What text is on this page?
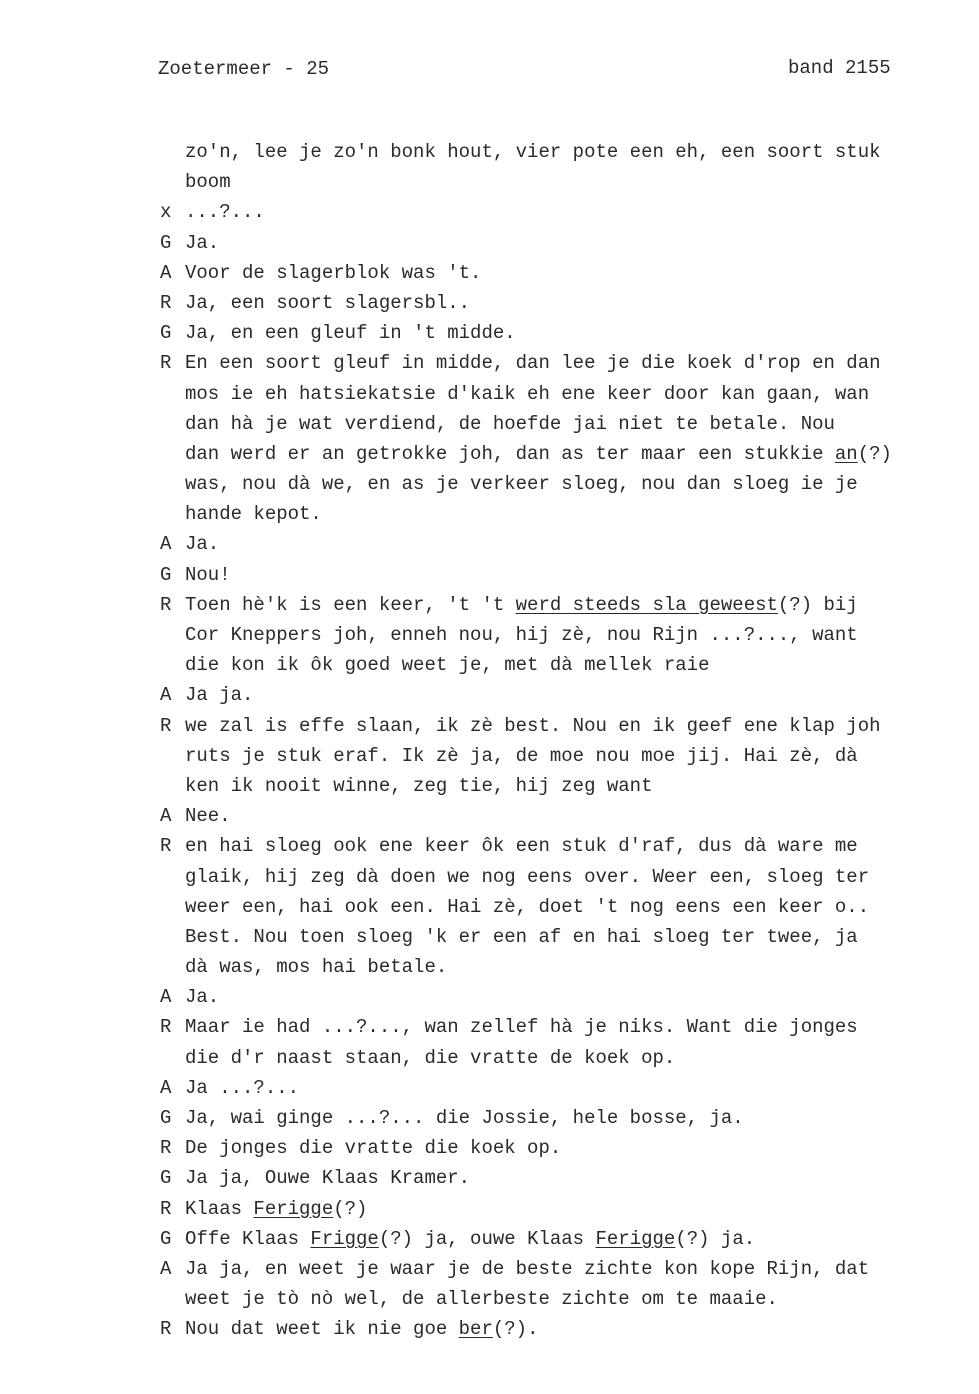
Zoetermeer - 25	band 2155
zo'n, lee je zo'n bonk hout, vier pote een eh, een soort stuk
boom
x ...?...
G Ja.
A Voor de slagerblok was 't.
R Ja, een soort slagersbl..
G Ja, en een gleuf in 't midde.
R En een soort gleuf in midde, dan lee je die koek d'rop en dan
mos ie eh hatsiekatsie d'kaik eh ene keer door kan gaan, wan
dan hà je wat verdiend, de hoefde jai niet te betale. Nou
dan werd er an getrokke joh, dan as ter maar een stukkie an(?)
was, nou dà we, en as je verkeer sloeg, nou dan sloeg ie je
hande kepot.
A Ja.
G Nou!
R Toen hè'k is een keer, 't 't werd steeds sla geweest(?) bij
Cor Kneppers joh, enneh nou, hij zè, nou Rijn ...?..., want
die kon ik ôk goed weet je, met dà mellek raie
A Ja ja.
R we zal is effe slaan, ik zè best. Nou en ik geef ene klap joh
ruts je stuk eraf. Ik zè ja, de moe nou moe jij. Hai zè, dà
ken ik nooit winne, zeg tie, hij zeg want
A Nee.
R en hai sloeg ook ene keer ôk een stuk d'raf, dus dà ware me
glaik, hij zeg dà doen we nog eens over. Weer een, sloeg ter
weer een, hai ook een. Hai zè, doet 't nog eens een keer o..
Best. Nou toen sloeg 'k er een af en hai sloeg ter twee, ja
dà was, mos hai betale.
A Ja.
R Maar ie had ...?..., wan zellef hà je niks. Want die jonges
die d'r naast staan, die vratte de koek op.
A Ja ...?...
G Ja, wai ginge ...?... die Jossie, hele bosse, ja.
R De jonges die vratte die koek op.
G Ja ja, Ouwe Klaas Kramer.
R Klaas Ferigge(?)
G Offe Klaas Frigge(?) ja, ouwe Klaas Ferigge(?) ja.
A Ja ja, en weet je waar je de beste zichte kon kope Rijn, dat
weet je tò nò wel, de allerbeste zichte om te maaie.
R Nou dat weet ik nie goe ber(?).
